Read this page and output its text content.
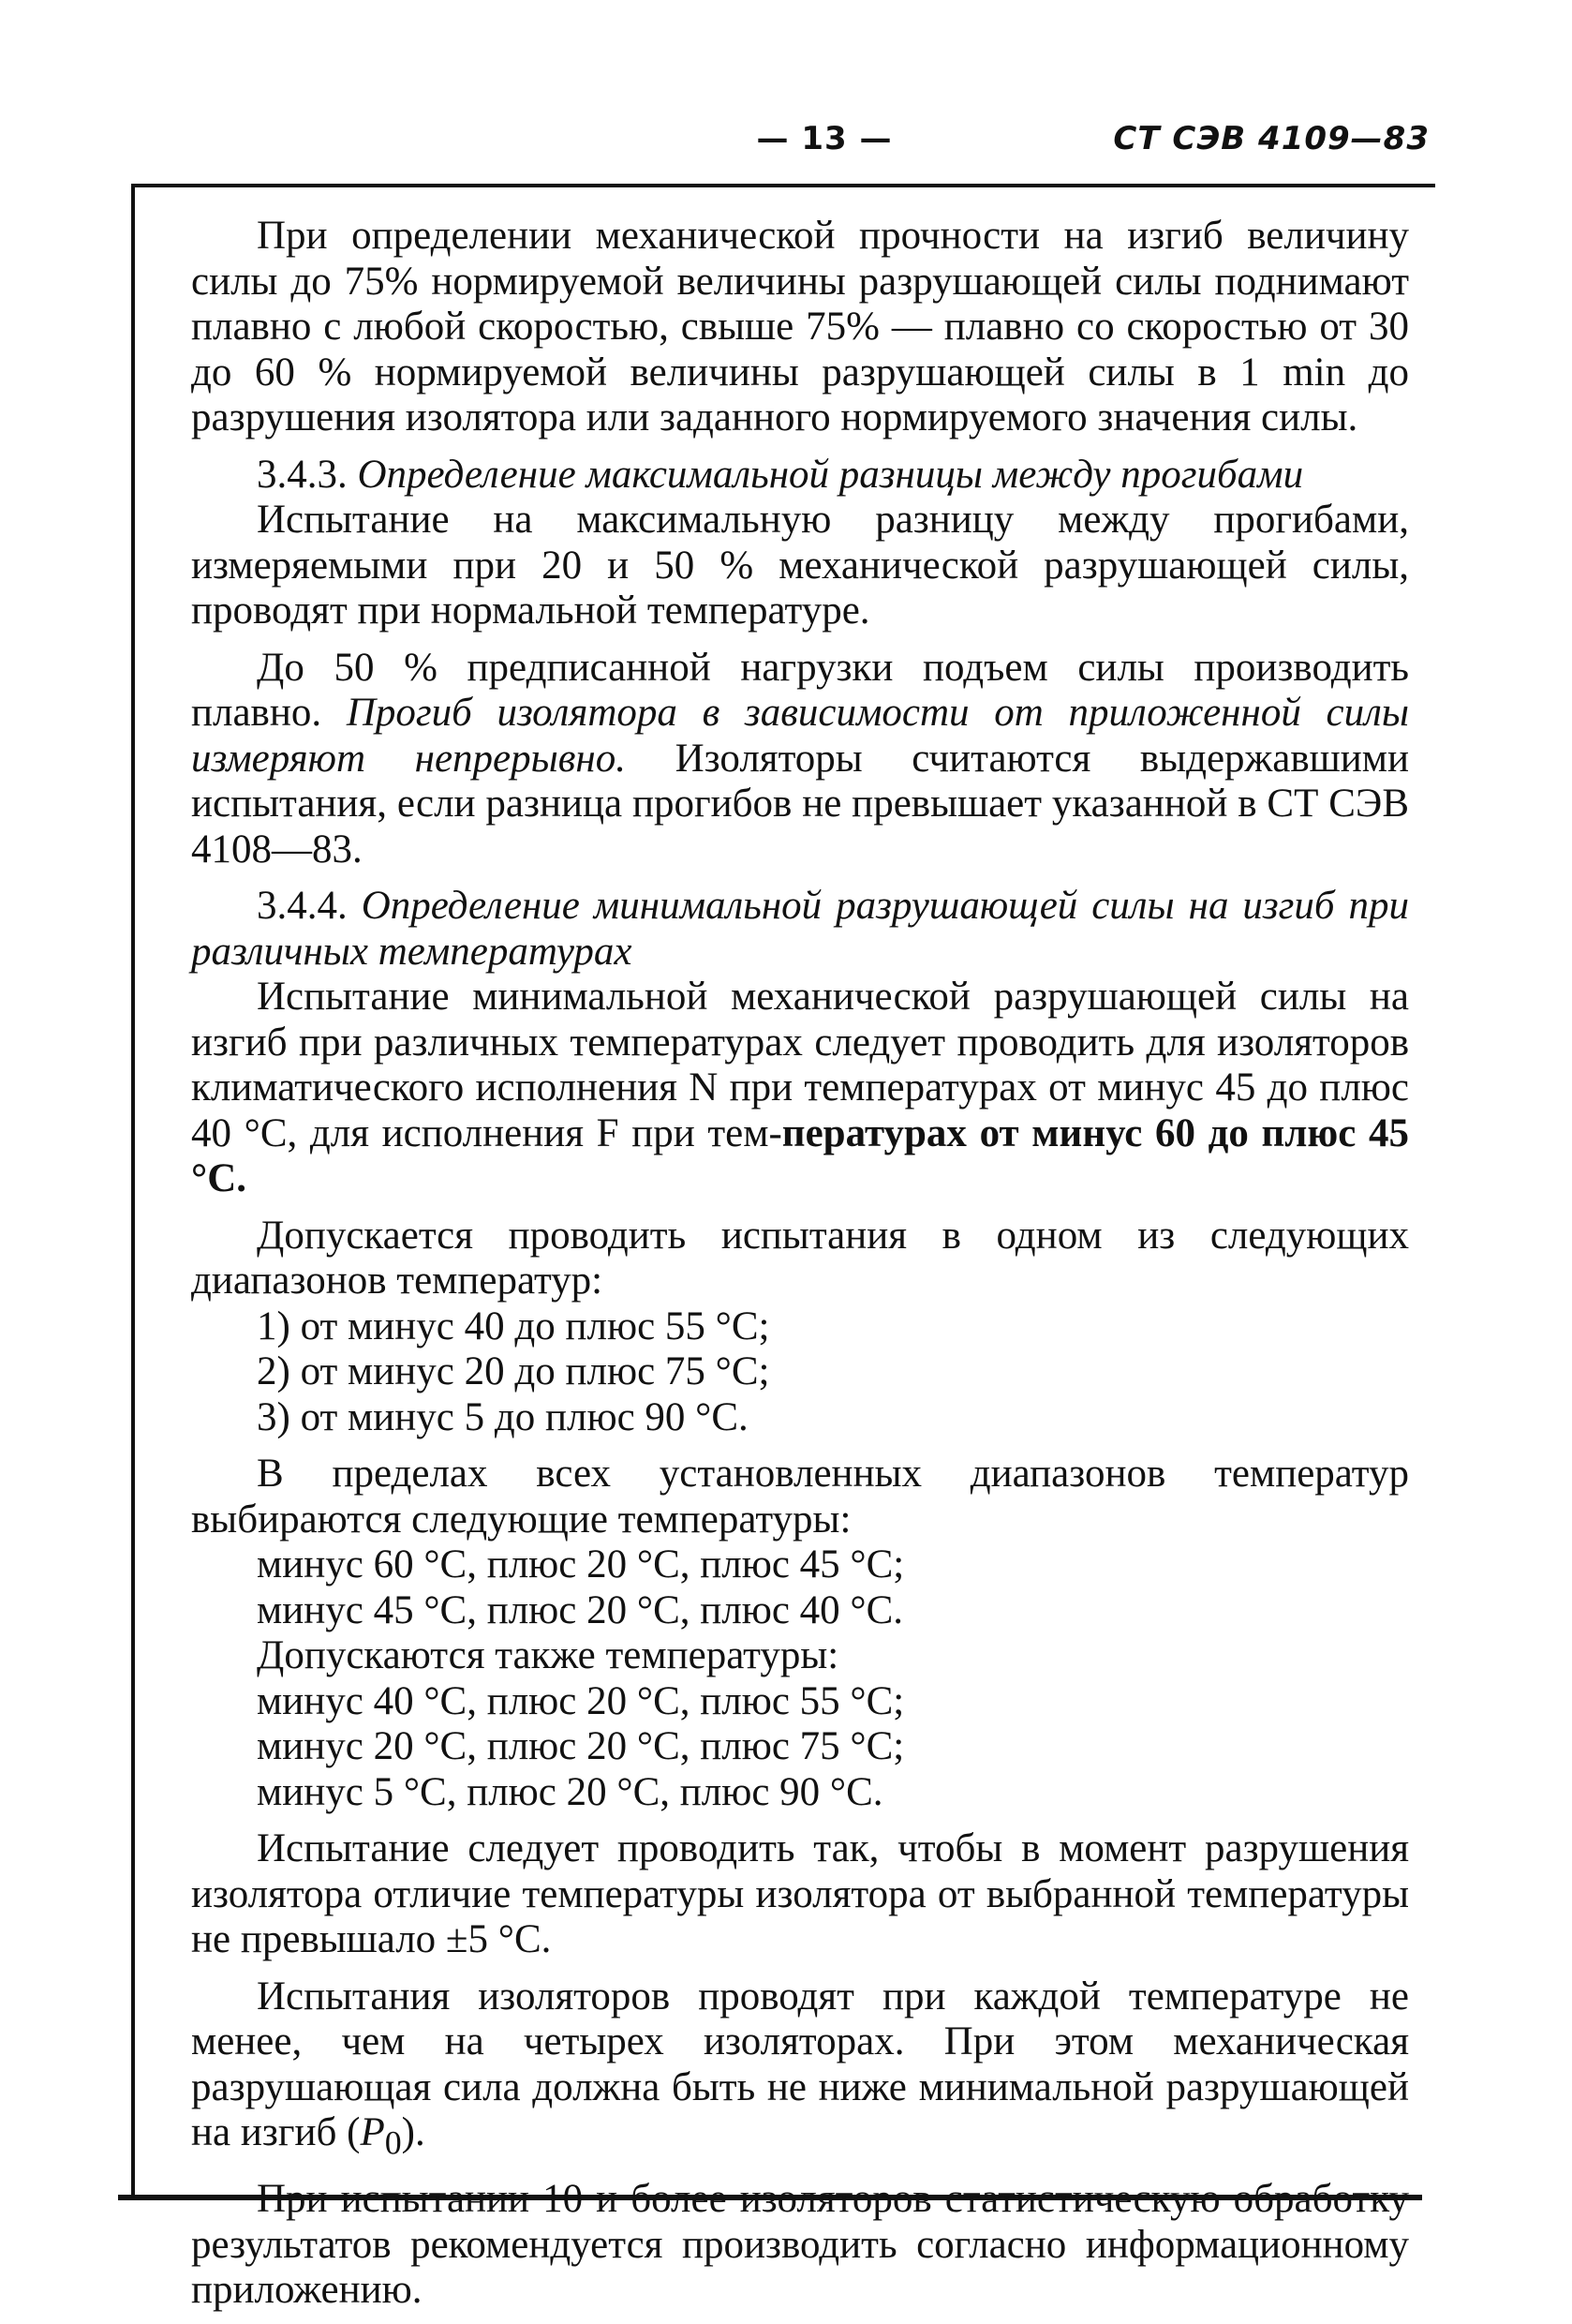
— 13 —	СТ СЭВ 4109—83

При определении механической прочности на изгиб величину силы до 75% нормируемой величины разрушающей силы поднимают плавно с любой скоростью, свыше 75% — плавно со скоростью от 30 до 60 % нормируемой величины разрушающей силы в 1 min до разрушения изолятора или заданного нормируемого значения силы.

3.4.3. Определение максимальной разницы между прогибами

Испытание на максимальную разницу между прогибами, измеряемыми при 20 и 50 % механической разрушающей силы, проводят при нормальной температуре.

До 50 % предписанной нагрузки подъем силы производить плавно. Прогиб изолятора в зависимости от приложенной силы измеряют непрерывно. Изоляторы считаются выдержавшими испытания, если разница прогибов не превышает указанной в СТ СЭВ 4108—83.

3.4.4. Определение минимальной разрушающей силы на изгиб при различных температурах

Испытание минимальной механической разрушающей силы на изгиб при различных температурах следует проводить для изоляторов климатического исполнения N при температурах от минус 45 до плюс 40 °С, для исполнения F при тем-пературах от минус 60 до плюс 45 °С.

Допускается проводить испытания в одном из следующих диапазонов температур:

1) от минус 40 до плюс 55 °С;

2) от минус 20 до плюс 75 °С;

3) от минус 5 до плюс 90 °С.

В пределах всех установленных диапазонов температур выбираются следующие температуры:

минус 60 °С, плюс 20 °С, плюс 45 °С;

минус 45 °С, плюс 20 °С, плюс 40 °С.

Допускаются также температуры:

минус 40 °С, плюс 20 °С, плюс 55 °С;

минус 20 °С, плюс 20 °С, плюс 75 °С;

минус 5 °С, плюс 20 °С, плюс 90 °С.

Испытание следует проводить так, чтобы в момент разрушения изолятора отличие температуры изолятора от выбранной температуры не превышало ±5 °С.

Испытания изоляторов проводят при каждой температуре не менее, чем на четырех изоляторах. При этом механическая разрушающая сила должна быть не ниже минимальной разрушающей на изгиб $(P_0)$.

При испытании 10 и более изоляторов статистическую обработку результатов рекомендуется производить согласно информационному приложению.
